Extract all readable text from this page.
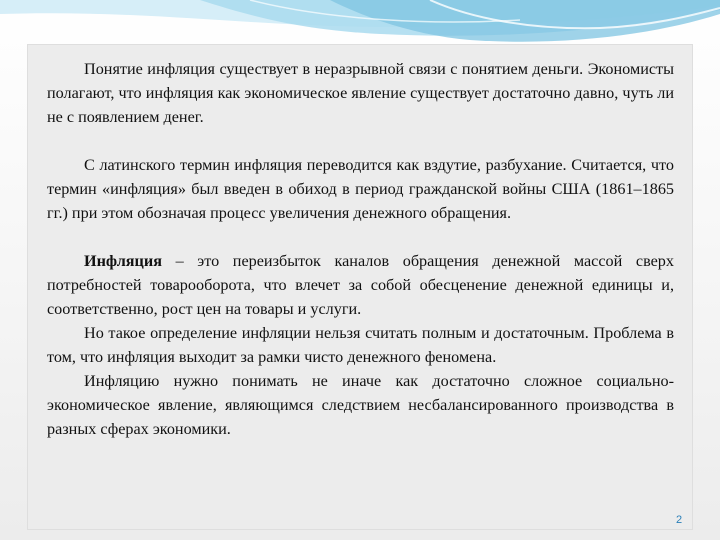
Понятие инфляция существует в неразрывной связи с понятием деньги. Экономисты полагают, что инфляция как экономическое явление существует достаточно давно, чуть ли не с появлением денег.

С латинского термин инфляция переводится как вздутие, разбухание. Считается, что термин «инфляция» был введен в обиход в период гражданской войны США (1861–1865 гг.) при этом обозначая процесс увеличения денежного обращения.

Инфляция – это переизбыток каналов обращения денежной массой сверх потребностей товарооборота, что влечет за собой обесценение денежной единицы и, соответственно, рост цен на товары и услуги.

Но такое определение инфляции нельзя считать полным и достаточным. Проблема в том, что инфляция выходит за рамки чисто денежного феномена.

Инфляцию нужно понимать не иначе как достаточно сложное социально-экономическое явление, являющимся следствием несбалансированного производства в разных сферах экономики.

2
